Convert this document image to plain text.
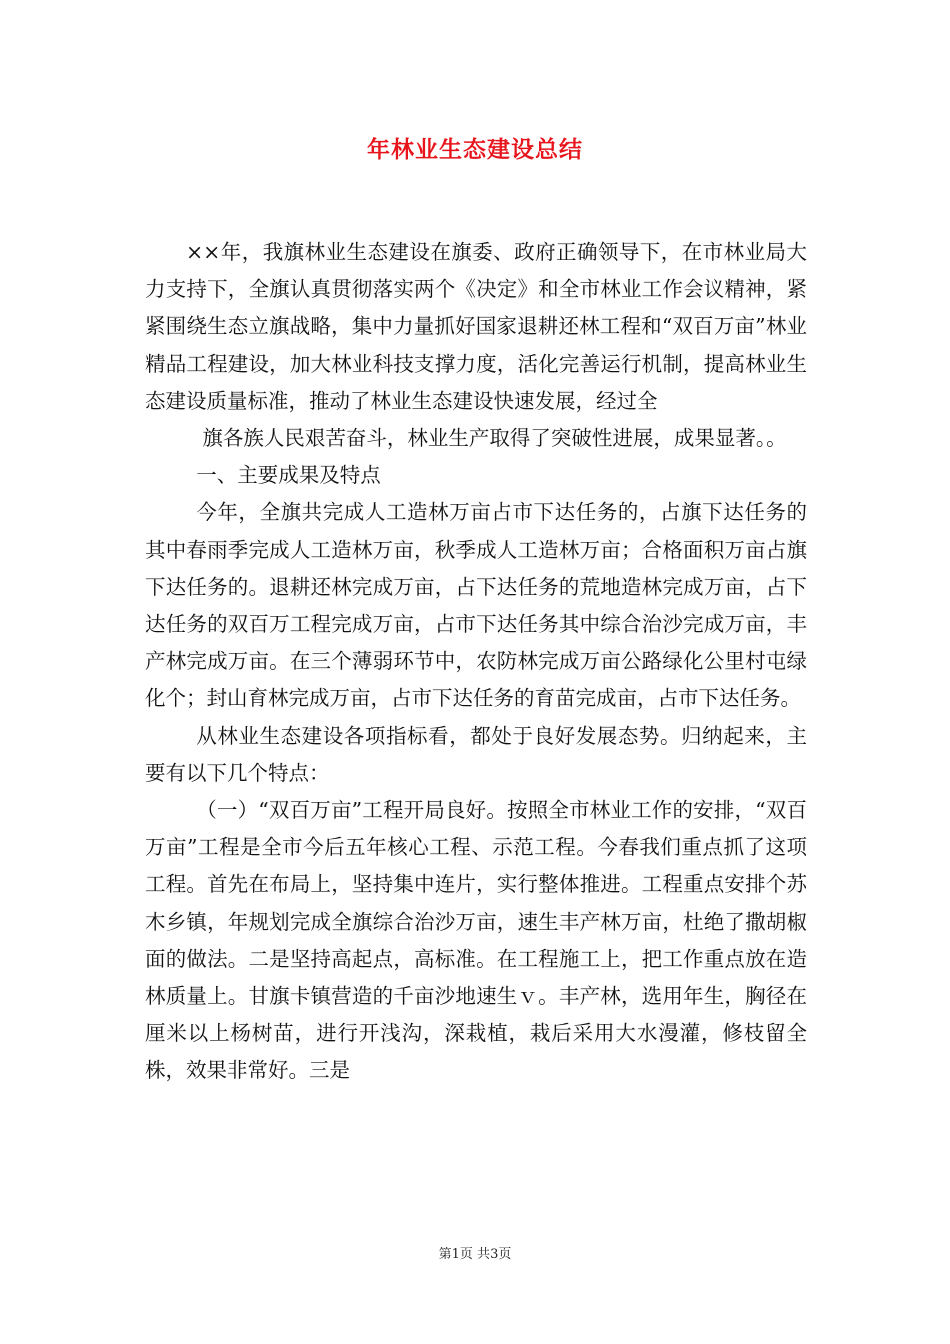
年林业生态建设总结

××年，我旗林业生态建设在旗委、政府正确领导下，在市林业局大力支持下，全旗认真贯彻落实两个《决定》和全市林业工作会议精神，紧紧围绕生态立旗战略，集中力量抓好国家退耕还林工程和“双百万亩”林业精品工程建设，加大林业科技支撑力度，活化完善运行机制，提高林业生态建设质量标准，推动了林业生态建设快速发展，经过全

旗各族人民艰苦奋斗，林业生产取得了突破性进展，成果显著。。

一、主要成果及特点

今年，全旗共完成人工造林万亩占市下达任务的，占旗下达任务的其中春雨季完成人工造林万亩，秋季成人工造林万亩；合格面积万亩占旗下达任务的。退耕还林完成万亩，占下达任务的荒地造林完成万亩，占下达任务的双百万工程完成万亩，占市下达任务其中综合治沙完成万亩，丰产林完成万亩。在三个薄弱环节中，农防林完成万亩公路绿化公里村屯绿化个；封山育林完成万亩，占市下达任务的育苗完成亩，占市下达任务。

从林业生态建设各项指标看，都处于良好发展态势。归纳起来，主要有以下几个特点：

（一）“双百万亩”工程开局良好。按照全市林业工作的安排，“双百万亩”工程是全市今后五年核心工程、示范工程。今春我们重点抓了这项工程。首先在布局上，坚持集中连片，实行整体推进。工程重点安排个苏木乡镇，年规划完成全旗综合治沙万亩，速生丰产林万亩，杜绝了撒胡椒面的做法。二是坚持高起点，高标准。在工程施工上，把工作重点放在造林质量上。甘旗卡镇营造的千亩沙地速生ｖ。丰产林，选用年生，胸径在厘米以上杨树苗，进行开浅沟，深栽植，栽后采用大水漫灌，修枝留全株，效果非常好。三是

第1页 共3页
